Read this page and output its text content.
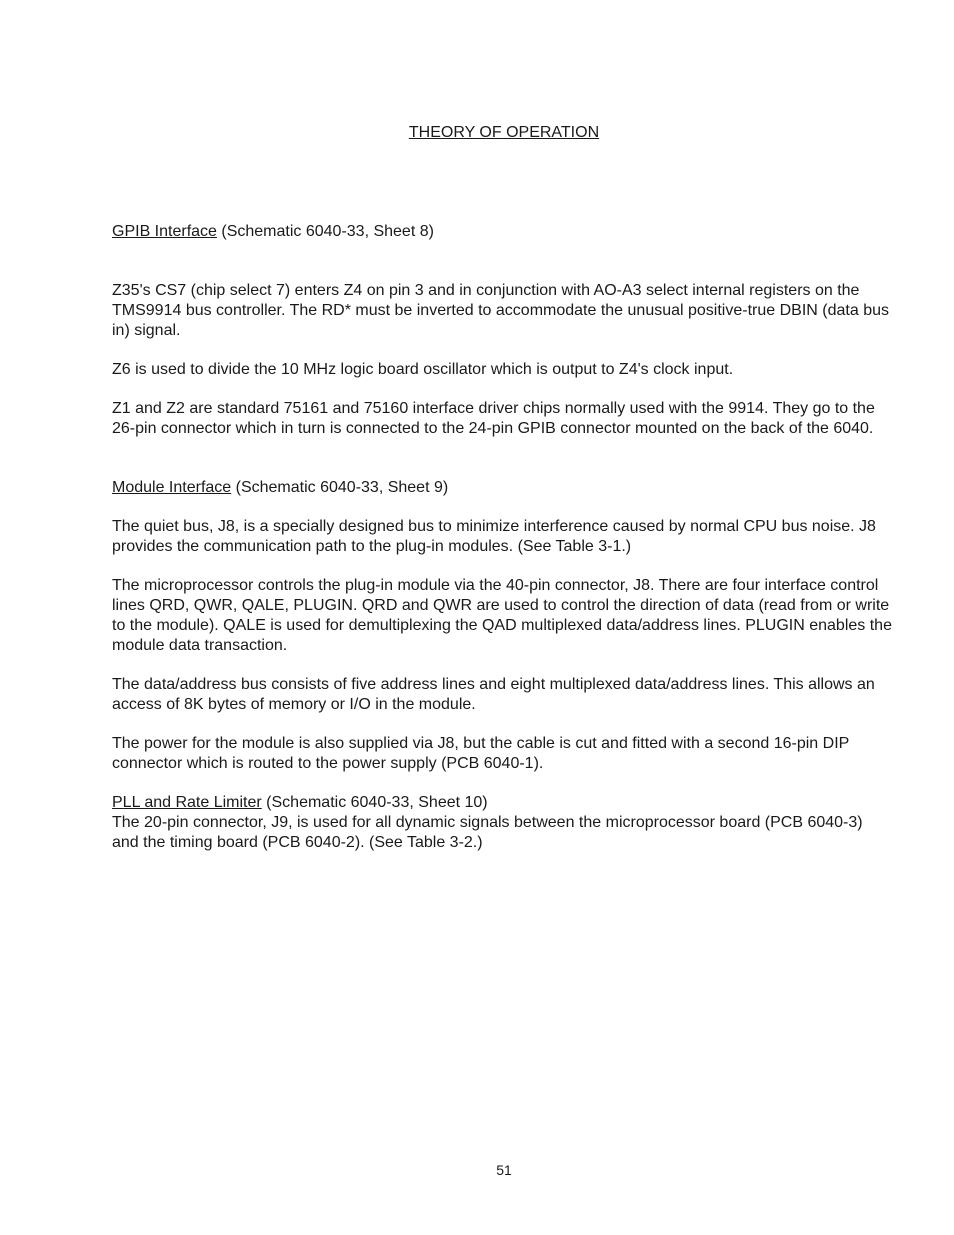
THEORY OF OPERATION

GPIB Interface (Schematic 6040-33, Sheet 8)

Z35's CS7 (chip select 7) enters Z4 on pin 3 and in conjunction with AO-A3 select internal registers on the TMS9914 bus controller. The RD* must be inverted to accommodate the unusual positive-true DBIN (data bus in) signal.

Z6 is used to divide the 10 MHz logic board oscillator which is output to Z4's clock input.

Z1 and Z2 are standard 75161 and 75160 interface driver chips normally used with the 9914. They go to the 26-pin connector which in turn is connected to the 24-pin GPIB connector mounted on the back of the 6040.

Module Interface (Schematic 6040-33, Sheet 9)

The quiet bus, J8, is a specially designed bus to minimize interference caused by normal CPU bus noise. J8 provides the communication path to the plug-in modules. (See Table 3-1.)

The microprocessor controls the plug-in module via the 40-pin connector, J8. There are four interface control lines QRD, QWR, QALE, PLUGIN. QRD and QWR are used to control the direction of data (read from or write to the module). QALE is used for demultiplexing the QAD multiplexed data/address lines. PLUGIN enables the module data transaction.

The data/address bus consists of five address lines and eight multiplexed data/address lines. This allows an access of 8K bytes of memory or I/O in the module.

The power for the module is also supplied via J8, but the cable is cut and fitted with a second 16-pin DIP connector which is routed to the power supply (PCB 6040-1).

PLL and Rate Limiter (Schematic 6040-33, Sheet 10)

The 20-pin connector, J9, is used for all dynamic signals between the microprocessor board (PCB 6040-3) and the timing board (PCB 6040-2). (See Table 3-2.)

51
